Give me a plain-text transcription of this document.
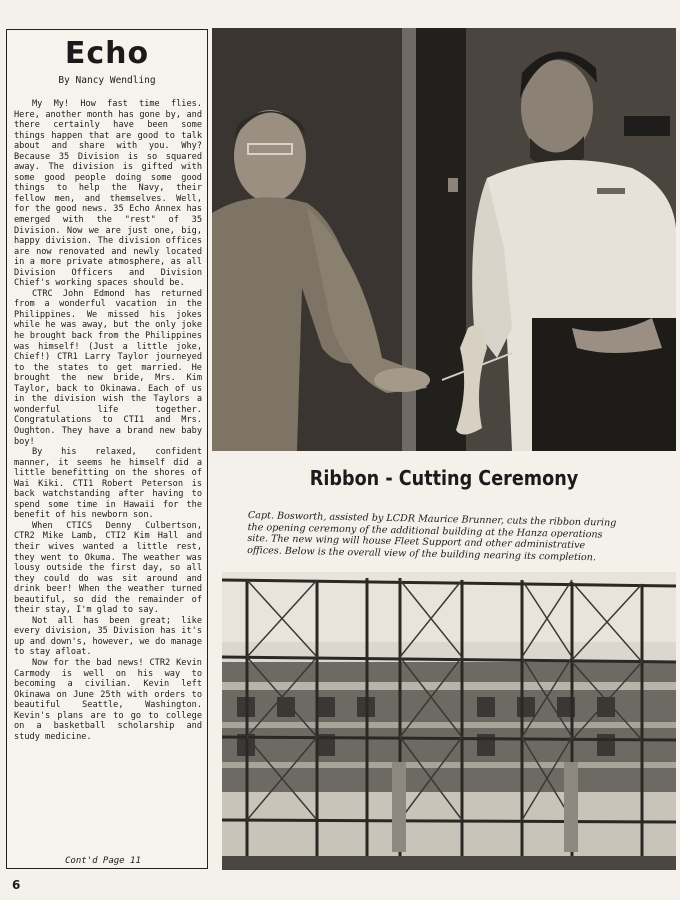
Echo
By Nancy Wendling

My My! How fast time flies. Here, another month has gone by, and there certainly have been some things happen that are good to talk about and share with you. Why? Because 35 Division is so squared away. The division is gifted with some good people doing some good things to help the Navy, their fellow men, and themselves. Well, for the good news. 35 Echo Annex has emerged with the "rest" of 35 Division. Now we are just one, big, happy division. The division offices are now renovated and newly located in a more private atmosphere, as all Division Officers and Division Chief's working spaces should be.

CTRC John Edmond has returned from a wonderful vacation in the Philippines. We missed his jokes while he was away, but the only joke he brought back from the Philippines was himself! (Just a little joke, Chief!) CTR1 Larry Taylor journeyed to the states to get married. He brought the new bride, Mrs. Kim Taylor, back to Okinawa. Each of us in the division wish the Taylors a wonderful life together. Congratulations to CTI1 and Mrs. Oughton. They have a brand new baby boy!

By his relaxed, confident manner, it seems he himself did a little benefitting on the shores of Wai Kiki. CTI1 Robert Peterson is back watchstanding after having to spend some time in Hawaii for the benefit of his newborn son.

When CTICS Denny Culbertson, CTR2 Mike Lamb, CTI2 Kim Hall and their wives wanted a little rest, they went to Okuma. The weather was lousy outside the first day, so all they could do was sit around and drink beer! When the weather turned beautiful, so did the remainder of their stay, I'm glad to say.

Not all has been great; like every division, 35 Division has it's up and down's, however, we do manage to stay afloat.

Now for the bad news! CTR2 Kevin Carmody is well on his way to becoming a civilian. Kevin left Okinawa on June 25th with orders to beautiful Seattle, Washington. Kevin's plans are to go to college on a basketball scholarship and study medicine.

Cont'd Page 11
6
Ribbon - Cutting Ceremony
Capt. Bosworth, assisted by LCDR Maurice Brunner, cuts the ribbon during the opening ceremony of the additional building at the Hanza operations site. The new wing will house Fleet Support and other administrative offices. Below is the overall view of the building nearing its completion.
